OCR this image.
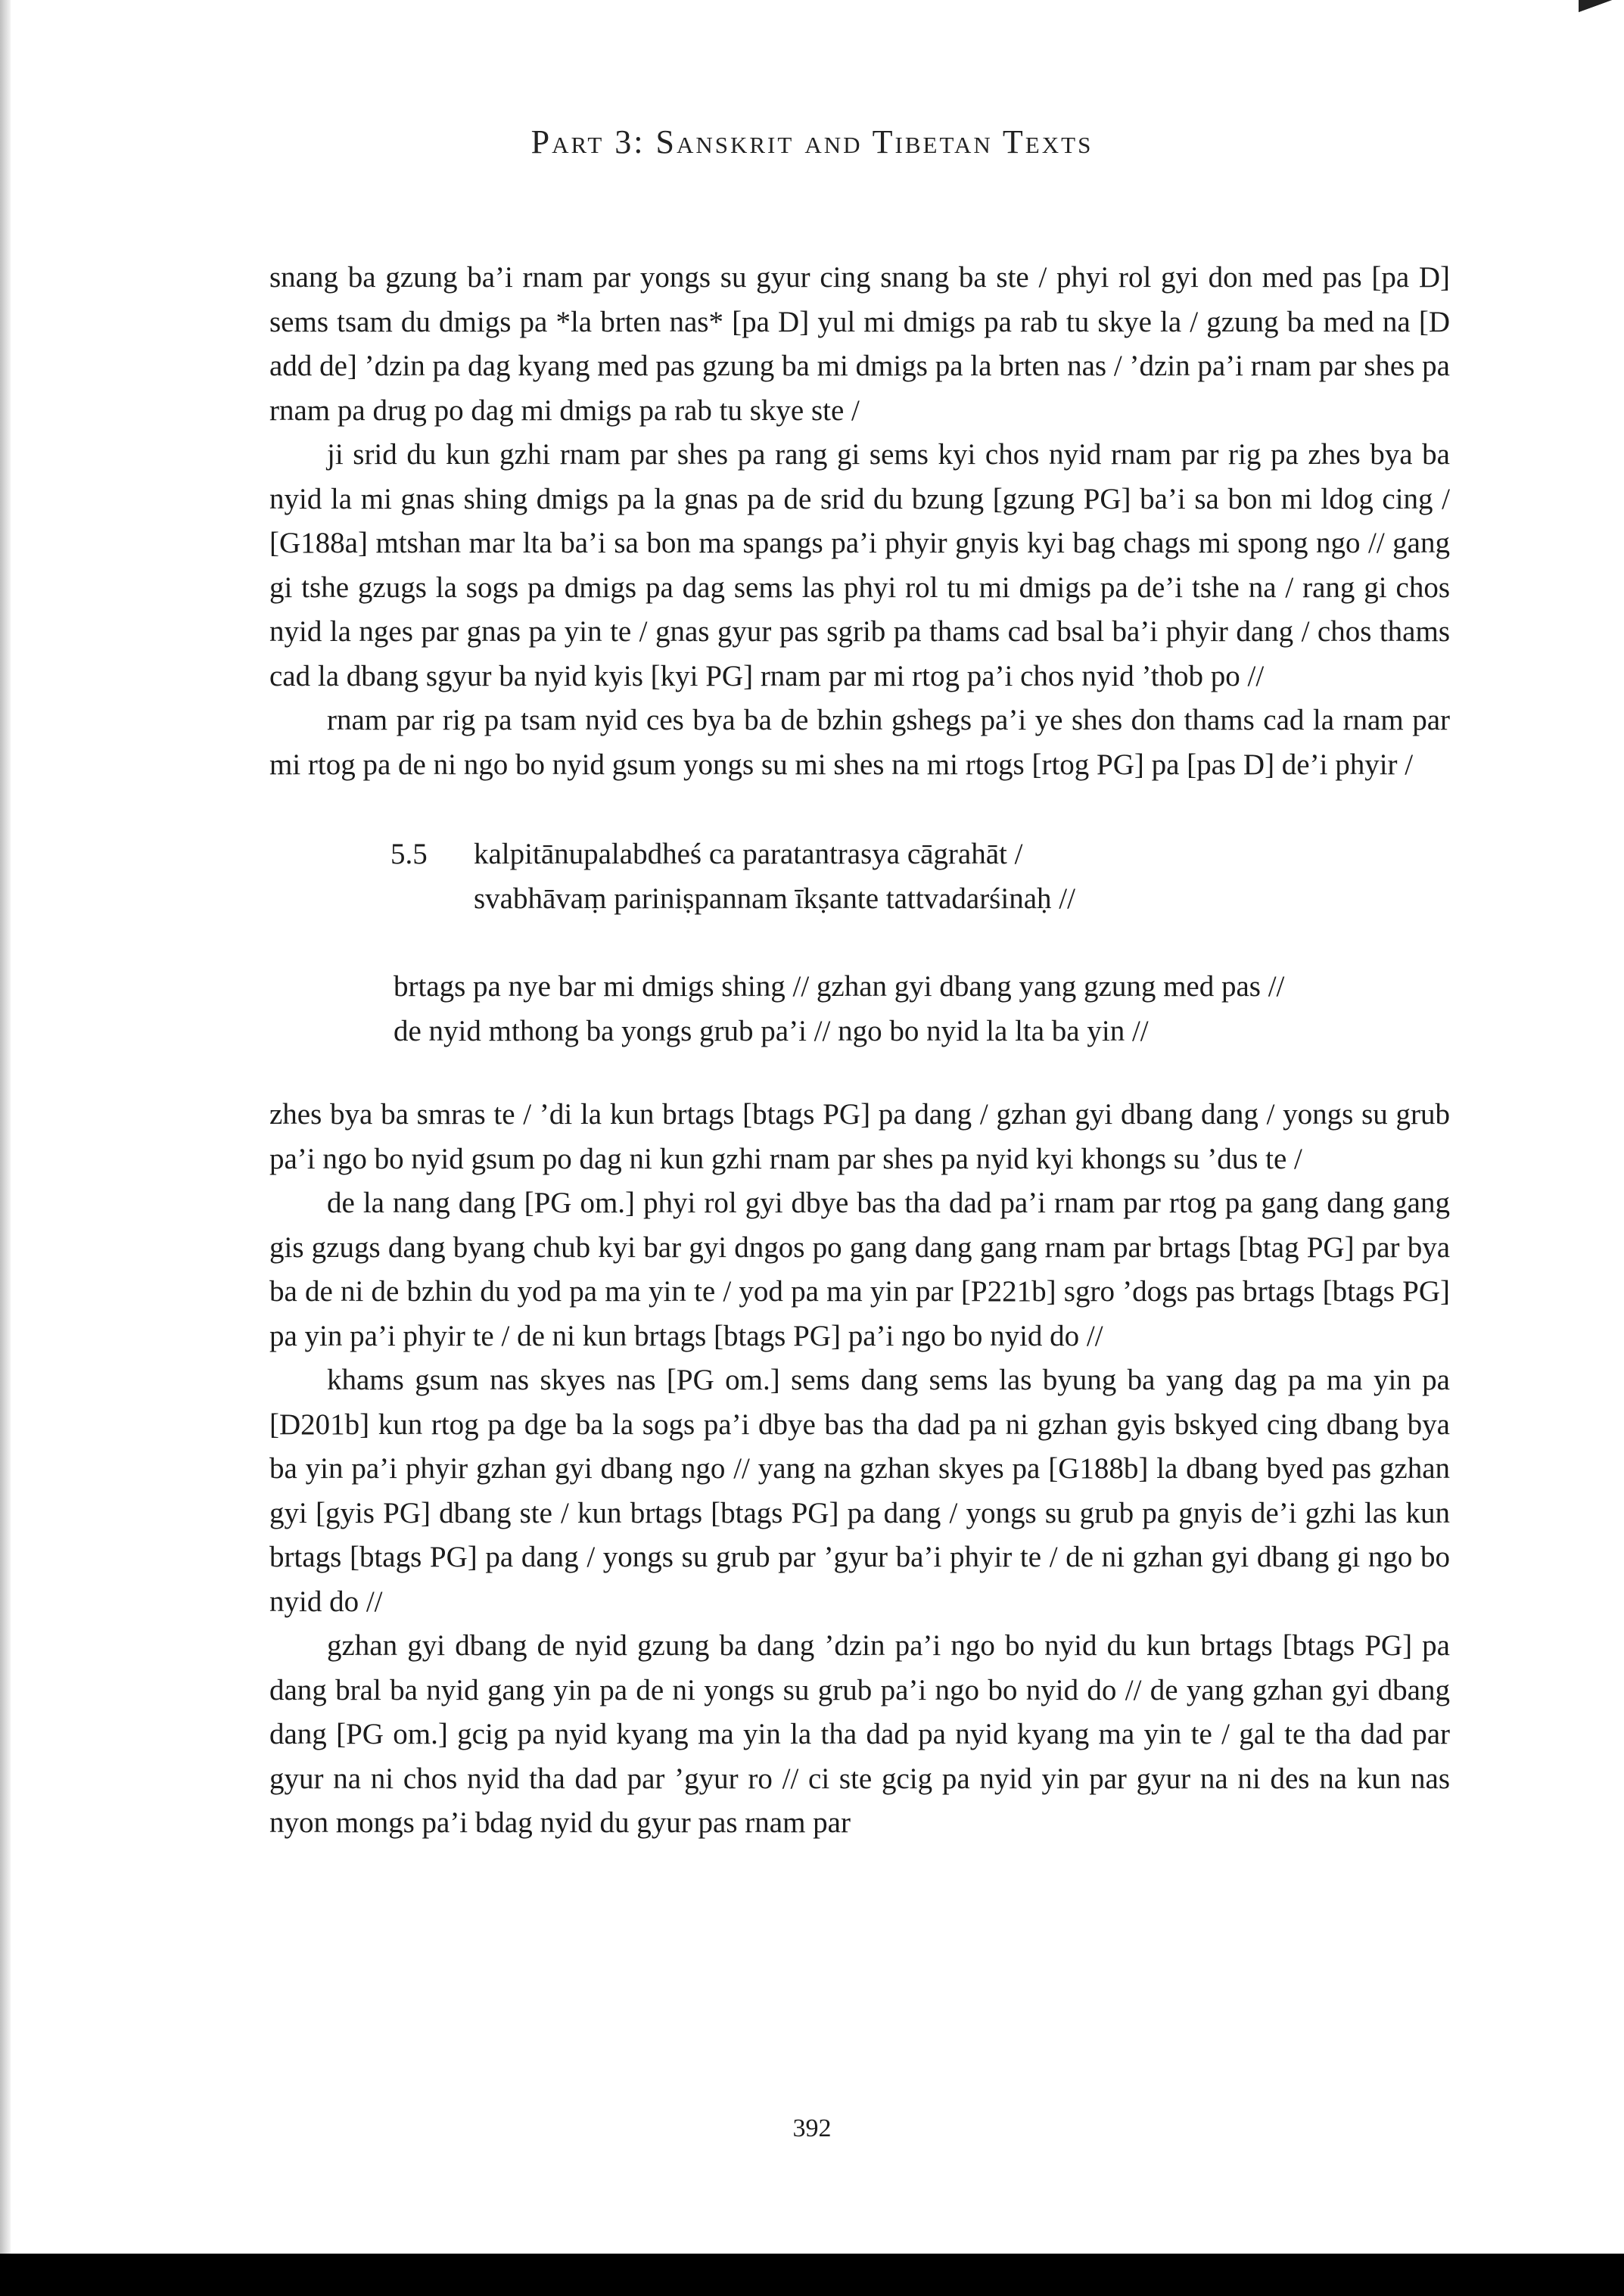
Part 3: Sanskrit and Tibetan Texts

snang ba gzung ba’i rnam par yongs su gyur cing snang ba ste / phyi rol gyi don med pas [pa D] sems tsam du dmigs pa *la brten nas* [pa D] yul mi dmigs pa rab tu skye la / gzung ba med na [D add de] ’dzin pa dag kyang med pas gzung ba mi dmigs pa la brten nas / ’dzin pa’i rnam par shes pa rnam pa drug po dag mi dmigs pa rab tu skye ste /

ji srid du kun gzhi rnam par shes pa rang gi sems kyi chos nyid rnam par rig pa zhes bya ba nyid la mi gnas shing dmigs pa la gnas pa de srid du bzung [gzung PG] ba’i sa bon mi ldog cing / [G188a] mtshan mar lta ba’i sa bon ma spangs pa’i phyir gnyis kyi bag chags mi spong ngo // gang gi tshe gzugs la sogs pa dmigs pa dag sems las phyi rol tu mi dmigs pa de’i tshe na / rang gi chos nyid la nges par gnas pa yin te / gnas gyur pas sgrib pa thams cad bsal ba’i phyir dang / chos thams cad la dbang sgyur ba nyid kyis [kyi PG] rnam par mi rtog pa’i chos nyid ’thob po //

rnam par rig pa tsam nyid ces bya ba de bzhin gshegs pa’i ye shes don thams cad la rnam par mi rtog pa de ni ngo bo nyid gsum yongs su mi shes na mi rtogs [rtog PG] pa [pas D] de’i phyir /

5.5	kalpitānupalabdheś ca paratantrasya cāgrahāt /
svabhāvaṃ pariniṣpannam īkṣante tattvadarśinaḥ //
brtags pa nye bar mi dmigs shing // gzhan gyi dbang yang gzung med pas //
de nyid mthong ba yongs grub pa’i // ngo bo nyid la lta ba yin //

zhes bya ba smras te / ’di la kun brtags [btags PG] pa dang / gzhan gyi dbang dang / yongs su grub pa’i ngo bo nyid gsum po dag ni kun gzhi rnam par shes pa nyid kyi khongs su ’dus te /

de la nang dang [PG om.] phyi rol gyi dbye bas tha dad pa’i rnam par rtog pa gang dang gang gis gzugs dang byang chub kyi bar gyi dngos po gang dang gang rnam par brtags [btag PG] par bya ba de ni de bzhin du yod pa ma yin te / yod pa ma yin par [P221b] sgro ’dogs pas brtags [btags PG] pa yin pa’i phyir te / de ni kun brtags [btags PG] pa’i ngo bo nyid do //

khams gsum nas skyes nas [PG om.] sems dang sems las byung ba yang dag pa ma yin pa [D201b] kun rtog pa dge ba la sogs pa’i dbye bas tha dad pa ni gzhan gyis bskyed cing dbang bya ba yin pa’i phyir gzhan gyi dbang ngo // yang na gzhan skyes pa [G188b] la dbang byed pas gzhan gyi [gyis PG] dbang ste / kun brtags [btags PG] pa dang / yongs su grub pa gnyis de’i gzhi las kun brtags [btags PG] pa dang / yongs su grub par ’gyur ba’i phyir te / de ni gzhan gyi dbang gi ngo bo nyid do //

gzhan gyi dbang de nyid gzung ba dang ’dzin pa’i ngo bo nyid du kun brtags [btags PG] pa dang bral ba nyid gang yin pa de ni yongs su grub pa’i ngo bo nyid do // de yang gzhan gyi dbang dang [PG om.] gcig pa nyid kyang ma yin la tha dad pa nyid kyang ma yin te / gal te tha dad par gyur na ni chos nyid tha dad par ’gyur ro // ci ste gcig pa nyid yin par gyur na ni des na kun nas nyon mongs pa’i bdag nyid du gyur pas rnam par

392
